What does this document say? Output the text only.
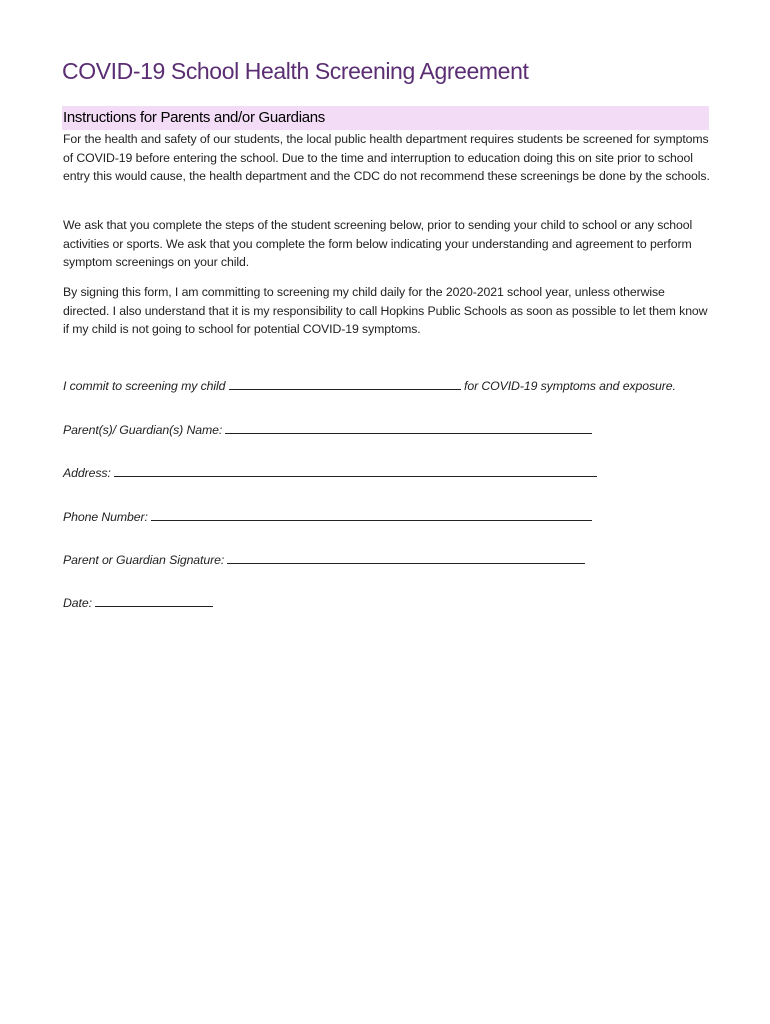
COVID-19 School Health Screening Agreement
Instructions for Parents and/or Guardians

For the health and safety of our students, the local public health department requires students be screened for symptoms of COVID-19 before entering the school. Due to the time and interruption to education doing this on site prior to school entry this would cause, the health department and the CDC do not recommend these screenings be done by the schools.

We ask that you complete the steps of the student screening below, prior to sending your child to school or any school activities or sports. We ask that you complete the form below indicating your understanding and agreement to perform symptom screenings on your child.

By signing this form, I am committing to screening my child daily for the 2020-2021 school year, unless otherwise directed. I also understand that it is my responsibility to call Hopkins Public Schools as soon as possible to let them know if my child is not going to school for potential COVID-19 symptoms.

I commit to screening my child	for COVID-19 symptoms and exposure.
Parent(s)/ Guardian(s) Name:
Address:
Phone Number:
Parent or Guardian Signature:
Date:
